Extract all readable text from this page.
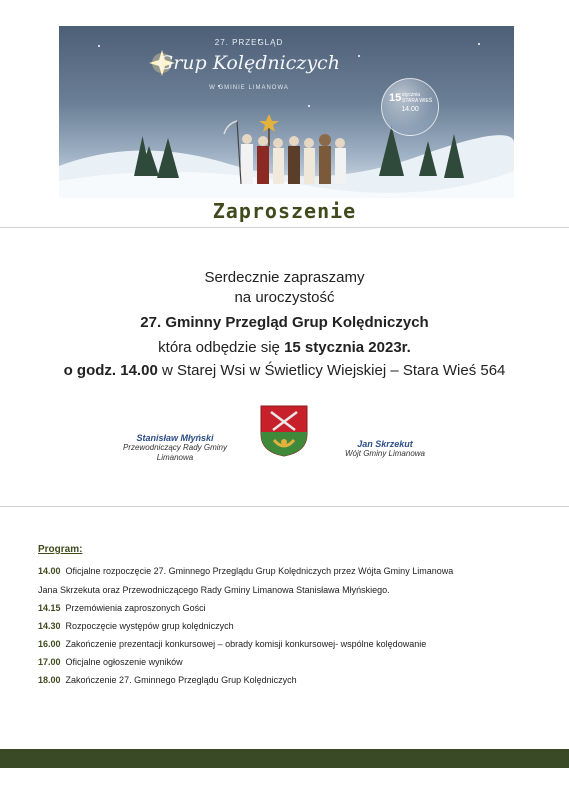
27. PRZEGLĄD
Grup Kolędniczych
W GMINIE LIMANOWA
15 stycznia
STARA WIEŚ
14.00
Zaproszenie
Serdecznie zapraszamy
na uroczystość
27. Gminny Przegląd Grup Kolędniczych
która odbędzie się 15 stycznia 2023r.
o godz. 14.00 w Starej Wsi w Świetlicy Wiejskiej – Stara Wieś 564
Stanisław Młyński
Przewodniczący Rady Gminy
Limanowa
Jan Skrzekut
Wójt Gminy Limanowa
Program:
14.00 Oficjalne rozpoczęcie 27. Gminnego Przeglądu Grup Kolędniczych przez Wójta Gminy Limanowa
Jana Skrzekuta oraz Przewodniczącego Rady Gminy Limanowa Stanisława Młyńskiego.
14.15 Przemówienia zaproszonych Gości
14.30 Rozpoczęcie występów grup kolędniczych
16.00 Zakończenie prezentacji konkursowej – obrady komisji konkursowej- wspólne kolędowanie
17.00 Oficjalne ogłoszenie wyników
18.00 Zakończenie 27. Gminnego Przeglądu Grup Kolędniczych
